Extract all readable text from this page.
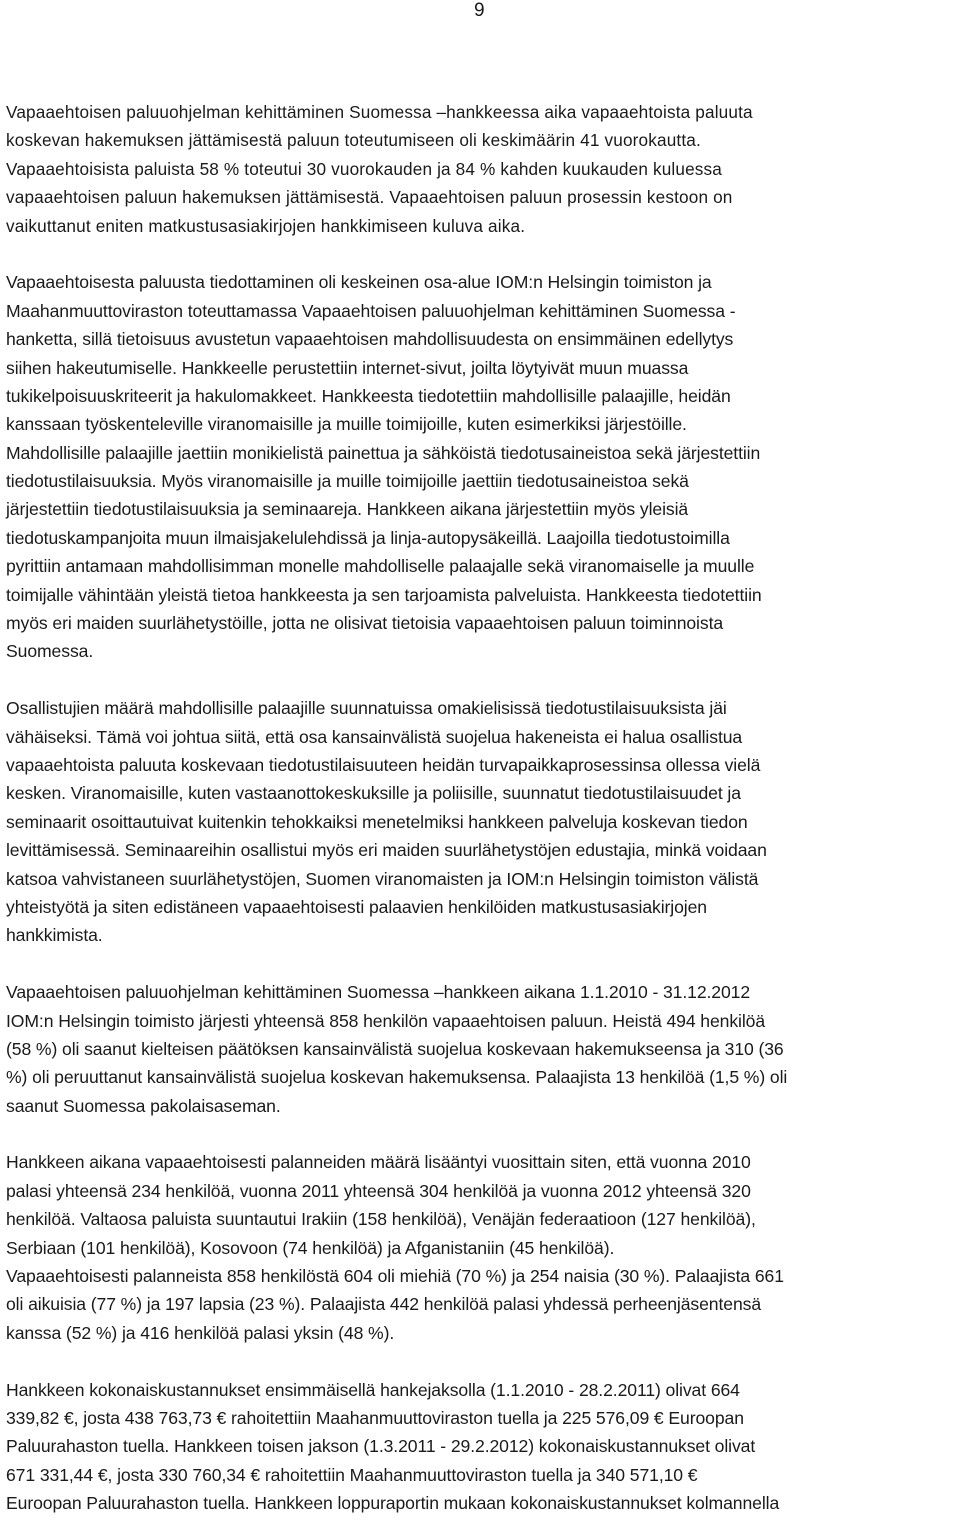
9

Vapaaehtoisen paluuohjelman kehittäminen Suomessa –hankkeessa aika vapaaehtoista paluuta
koskevan hakemuksen jättämisestä paluun toteutumiseen oli keskimäärin 41 vuorokautta.
Vapaaehtoisista paluista 58 % toteutui 30 vuorokauden ja 84 % kahden kuukauden kuluessa
vapaaehtoisen paluun hakemuksen jättämisestä. Vapaaehtoisen paluun prosessin kestoon on
vaikuttanut eniten matkustusasiakirjojen hankkimiseen kuluva aika.

Vapaaehtoisesta paluusta tiedottaminen oli keskeinen osa-alue IOM:n Helsingin toimiston ja
Maahanmuuttoviraston toteuttamassa Vapaaehtoisen paluuohjelman kehittäminen Suomessa -
hanketta, sillä tietoisuus avustetun vapaaehtoisen mahdollisuudesta on ensimmäinen edellytys
siihen hakeutumiselle. Hankkeelle perustettiin internet-sivut, joilta löytyivät muun muassa
tukikelpoisuuskriteerit ja hakulomakkeet. Hankkeesta tiedotettiin mahdollisille palaajille, heidän
kanssaan työskenteleville viranomaisille ja muille toimijoille, kuten esimerkiksi järjestöille.
Mahdollisille palaajille jaettiin monikielistä painettua ja sähköistä tiedotusaineistoa sekä järjestettiin
tiedotustilaisuuksia. Myös viranomaisille ja muille toimijoille jaettiin tiedotusaineistoa sekä
järjestettiin tiedotustilaisuuksia ja seminaareja. Hankkeen aikana järjestettiin myös yleisiä
tiedotuskampanjoita muun ilmaisjakelulehdissä ja linja-autopysäkeillä. Laajoilla tiedotustoimilla
pyrittiin antamaan mahdollisimman monelle mahdolliselle palaajalle sekä viranomaiselle ja muulle
toimijalle vähintään yleistä tietoa hankkeesta ja sen tarjoamista palveluista. Hankkeesta tiedotettiin
myös eri maiden suurlähetystöille, jotta ne olisivat tietoisia vapaaehtoisen paluun toiminnoista
Suomessa.

Osallistujien määrä mahdollisille palaajille suunnatuissa omakielisissä tiedotustilaisuuksista jäi
vähäiseksi. Tämä voi johtua siitä, että osa kansainvälistä suojelua hakeneista ei halua osallistua
vapaaehtoista paluuta koskevaan tiedotustilaisuuteen heidän turvapaikkaprosessinsa ollessa vielä
kesken. Viranomaisille, kuten vastaanottokeskuksille ja poliisille, suunnatut tiedotustilaisuudet ja
seminaarit osoittautuivat kuitenkin tehokkaiksi menetelmiksi hankkeen palveluja koskevan tiedon
levittämisessä. Seminaareihin osallistui myös eri maiden suurlähetystöjen edustajia, minkä voidaan
katsoa vahvistaneen suurlähetystöjen, Suomen viranomaisten ja IOM:n Helsingin toimiston välistä
yhteistyötä ja siten edistäneen vapaaehtoisesti palaavien henkilöiden matkustusasiakirjojen
hankkimista.

Vapaaehtoisen paluuohjelman kehittäminen Suomessa –hankkeen aikana 1.1.2010 - 31.12.2012
IOM:n Helsingin toimisto järjesti yhteensä 858 henkilön vapaaehtoisen paluun. Heistä 494 henkilöä
(58 %) oli saanut kielteisen päätöksen kansainvälistä suojelua koskevaan hakemukseensa ja 310 (36
%) oli peruuttanut kansainvälistä suojelua koskevan hakemuksensa. Palaajista 13 henkilöä (1,5 %) oli
saanut Suomessa pakolaisaseman.

Hankkeen aikana vapaaehtoisesti palanneiden määrä lisääntyi vuosittain siten, että vuonna 2010
palasi yhteensä 234 henkilöä, vuonna 2011 yhteensä 304 henkilöä ja vuonna 2012 yhteensä 320
henkilöä. Valtaosa paluista suuntautui Irakiin (158 henkilöä), Venäjän federaatioon (127 henkilöä),
Serbiaan (101 henkilöä), Kosovoon (74 henkilöä) ja Afganistaniin (45 henkilöä).
Vapaaehtoisesti palanneista 858 henkilöstä 604 oli miehiä (70 %) ja 254 naisia (30 %). Palaajista 661
oli aikuisia (77 %) ja 197 lapsia (23 %). Palaajista 442 henkilöä palasi yhdessä perheenjäsentensä
kanssa (52 %) ja 416 henkilöä palasi yksin (48 %).

Hankkeen kokonaiskustannukset ensimmäisellä hankejaksolla (1.1.2010 - 28.2.2011) olivat 664
339,82 €, josta 438 763,73 € rahoitettiin Maahanmuuttoviraston tuella ja 225 576,09 € Euroopan
Paluurahaston tuella. Hankkeen toisen jakson (1.3.2011 - 29.2.2012) kokonaiskustannukset olivat
671 331,44 €, josta 330 760,34 € rahoitettiin Maahanmuuttoviraston tuella ja 340 571,10 €
Euroopan Paluurahaston tuella. Hankkeen loppuraportin mukaan kokonaiskustannukset kolmannella
